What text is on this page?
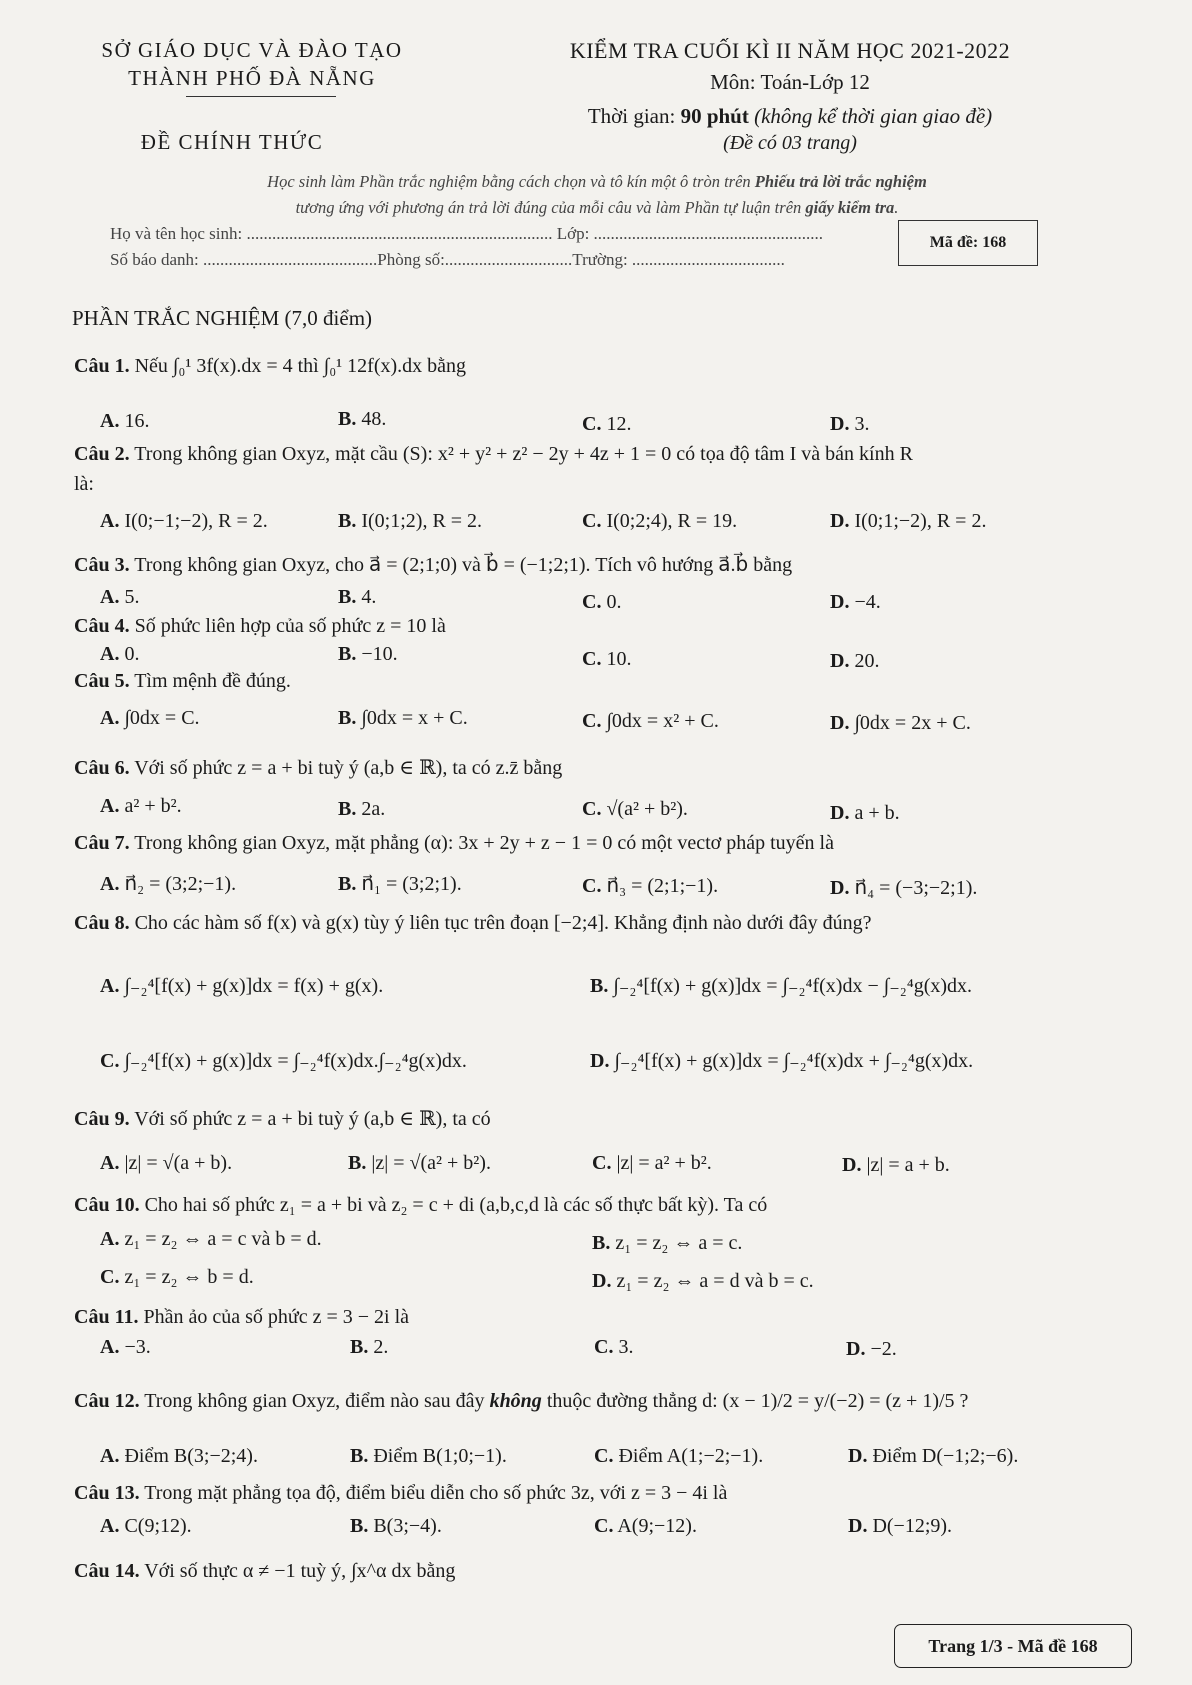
SỞ GIÁO DỤC VÀ ĐÀO TẠO
THÀNH PHỐ ĐÀ NẴNG
ĐỀ CHÍNH THỨC
KIỂM TRA CUỐI KÌ II NĂM HỌC 2021-2022
Môn: Toán-Lớp 12
Thời gian: 90 phút (không kể thời gian giao đề)
(Đề có 03 trang)
Học sinh làm Phần trắc nghiệm bằng cách chọn và tô kín một ô tròn trên Phiếu trả lời trắc nghiệm
tương ứng với phương án trả lời đúng của mỗi câu và làm Phần tự luận trên giấy kiểm tra.
Họ và tên học sinh: ........................................................................ Lớp: ......................................................
Số báo danh: .........................................Phòng số:..............................Trường: ....................................
Mã đề: 168
PHẦN TRẮC NGHIỆM (7,0 điểm)
Câu 1. Nếu ∫₀¹ 3f(x).dx = 4 thì ∫₀¹ 12f(x).dx bằng
A. 16.	B. 48.	C. 12.	D. 3.
Câu 2. Trong không gian Oxyz, mặt cầu (S): x² + y² + z² − 2y + 4z + 1 = 0 có tọa độ tâm I và bán kính R
là:
A. I(0;−1;−2), R = 2.	B. I(0;1;2), R = 2.	C. I(0;2;4), R = 19.	D. I(0;1;−2), R = 2.
Câu 3. Trong không gian Oxyz, cho a⃗ = (2;1;0) và b⃗ = (−1;2;1). Tích vô hướng a⃗.b⃗ bằng
A. 5.	B. 4.	C. 0.	D. −4.
Câu 4. Số phức liên hợp của số phức z = 10 là
A. 0.	B. −10.	C. 10.	D. 20.
Câu 5. Tìm mệnh đề đúng.
A. ∫0dx = C.	B. ∫0dx = x + C.	C. ∫0dx = x² + C.	D. ∫0dx = 2x + C.
Câu 6. Với số phức z = a + bi tuỳ ý (a,b ∈ ℝ), ta có z.z̄ bằng
A. a² + b².	B. 2a.	C. √(a² + b²).	D. a + b.
Câu 7. Trong không gian Oxyz, mặt phẳng (α): 3x + 2y + z − 1 = 0 có một vectơ pháp tuyến là
A. n⃗₂ = (3;2;−1).	B. n⃗₁ = (3;2;1).	C. n⃗₃ = (2;1;−1).	D. n⃗₄ = (−3;−2;1).
Câu 8. Cho các hàm số f(x) và g(x) tùy ý liên tục trên đoạn [−2;4]. Khẳng định nào dưới đây đúng?
A. ∫₋₂⁴[f(x) + g(x)]dx = f(x) + g(x).	B. ∫₋₂⁴[f(x) + g(x)]dx = ∫₋₂⁴f(x)dx − ∫₋₂⁴g(x)dx.
C. ∫₋₂⁴[f(x) + g(x)]dx = ∫₋₂⁴f(x)dx.∫₋₂⁴g(x)dx.	D. ∫₋₂⁴[f(x) + g(x)]dx = ∫₋₂⁴f(x)dx + ∫₋₂⁴g(x)dx.
Câu 9. Với số phức z = a + bi tuỳ ý (a,b ∈ ℝ), ta có
A. |z| = √(a + b).	B. |z| = √(a² + b²).	C. |z| = a² + b².	D. |z| = a + b.
Câu 10. Cho hai số phức z₁ = a + bi và z₂ = c + di (a,b,c,d là các số thực bất kỳ). Ta có
A. z₁ = z₂ ⇔ a = c và b = d.	B. z₁ = z₂ ⇔ a = c.
C. z₁ = z₂ ⇔ b = d.	D. z₁ = z₂ ⇔ a = d và b = c.
Câu 11. Phần ảo của số phức z = 3 − 2i là
A. −3.	B. 2.	C. 3.	D. −2.
Câu 12. Trong không gian Oxyz, điểm nào sau đây không thuộc đường thẳng d: (x − 1)/2 = y/(−2) = (z + 1)/5 ?
A. Điểm B(3;−2;4).	B. Điểm B(1;0;−1).	C. Điểm A(1;−2;−1).	D. Điểm D(−1;2;−6).
Câu 13. Trong mặt phẳng tọa độ, điểm biểu diễn cho số phức 3z, với z = 3 − 4i là
A. C(9;12).	B. B(3;−4).	C. A(9;−12).	D. D(−12;9).
Câu 14. Với số thực α ≠ −1 tuỳ ý, ∫x^α dx bằng
Trang 1/3 - Mã đề 168
